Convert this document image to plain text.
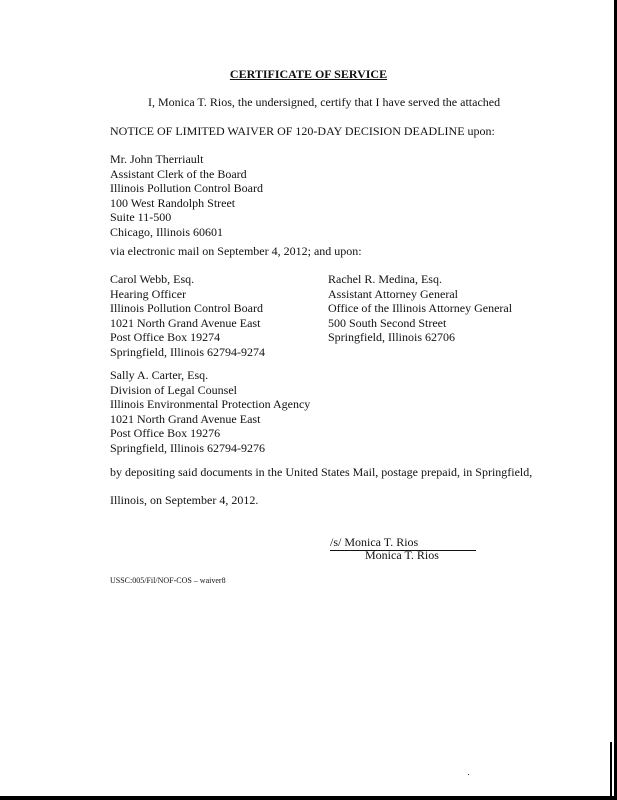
CERTIFICATE OF SERVICE
I, Monica T. Rios, the undersigned, certify that I have served the attached
NOTICE OF LIMITED WAIVER OF 120-DAY DECISION DEADLINE upon:
Mr. John Therriault
Assistant Clerk of the Board
Illinois Pollution Control Board
100 West Randolph Street
Suite 11-500
Chicago, Illinois 60601
via electronic mail on September 4, 2012; and upon:
Carol Webb, Esq.
Hearing Officer
Illinois Pollution Control Board
1021 North Grand Avenue East
Post Office Box 19274
Springfield, Illinois 62794-9274
Rachel R. Medina, Esq.
Assistant Attorney General
Office of the Illinois Attorney General
500 South Second Street
Springfield, Illinois 62706
Sally A. Carter, Esq.
Division of Legal Counsel
Illinois Environmental Protection Agency
1021 North Grand Avenue East
Post Office Box 19276
Springfield, Illinois 62794-9276
by depositing said documents in the United States Mail, postage prepaid, in Springfield,
Illinois, on September 4, 2012.
/s/ Monica T. Rios
Monica T. Rios
USSC:005/Fil/NOF-COS – waiver8
